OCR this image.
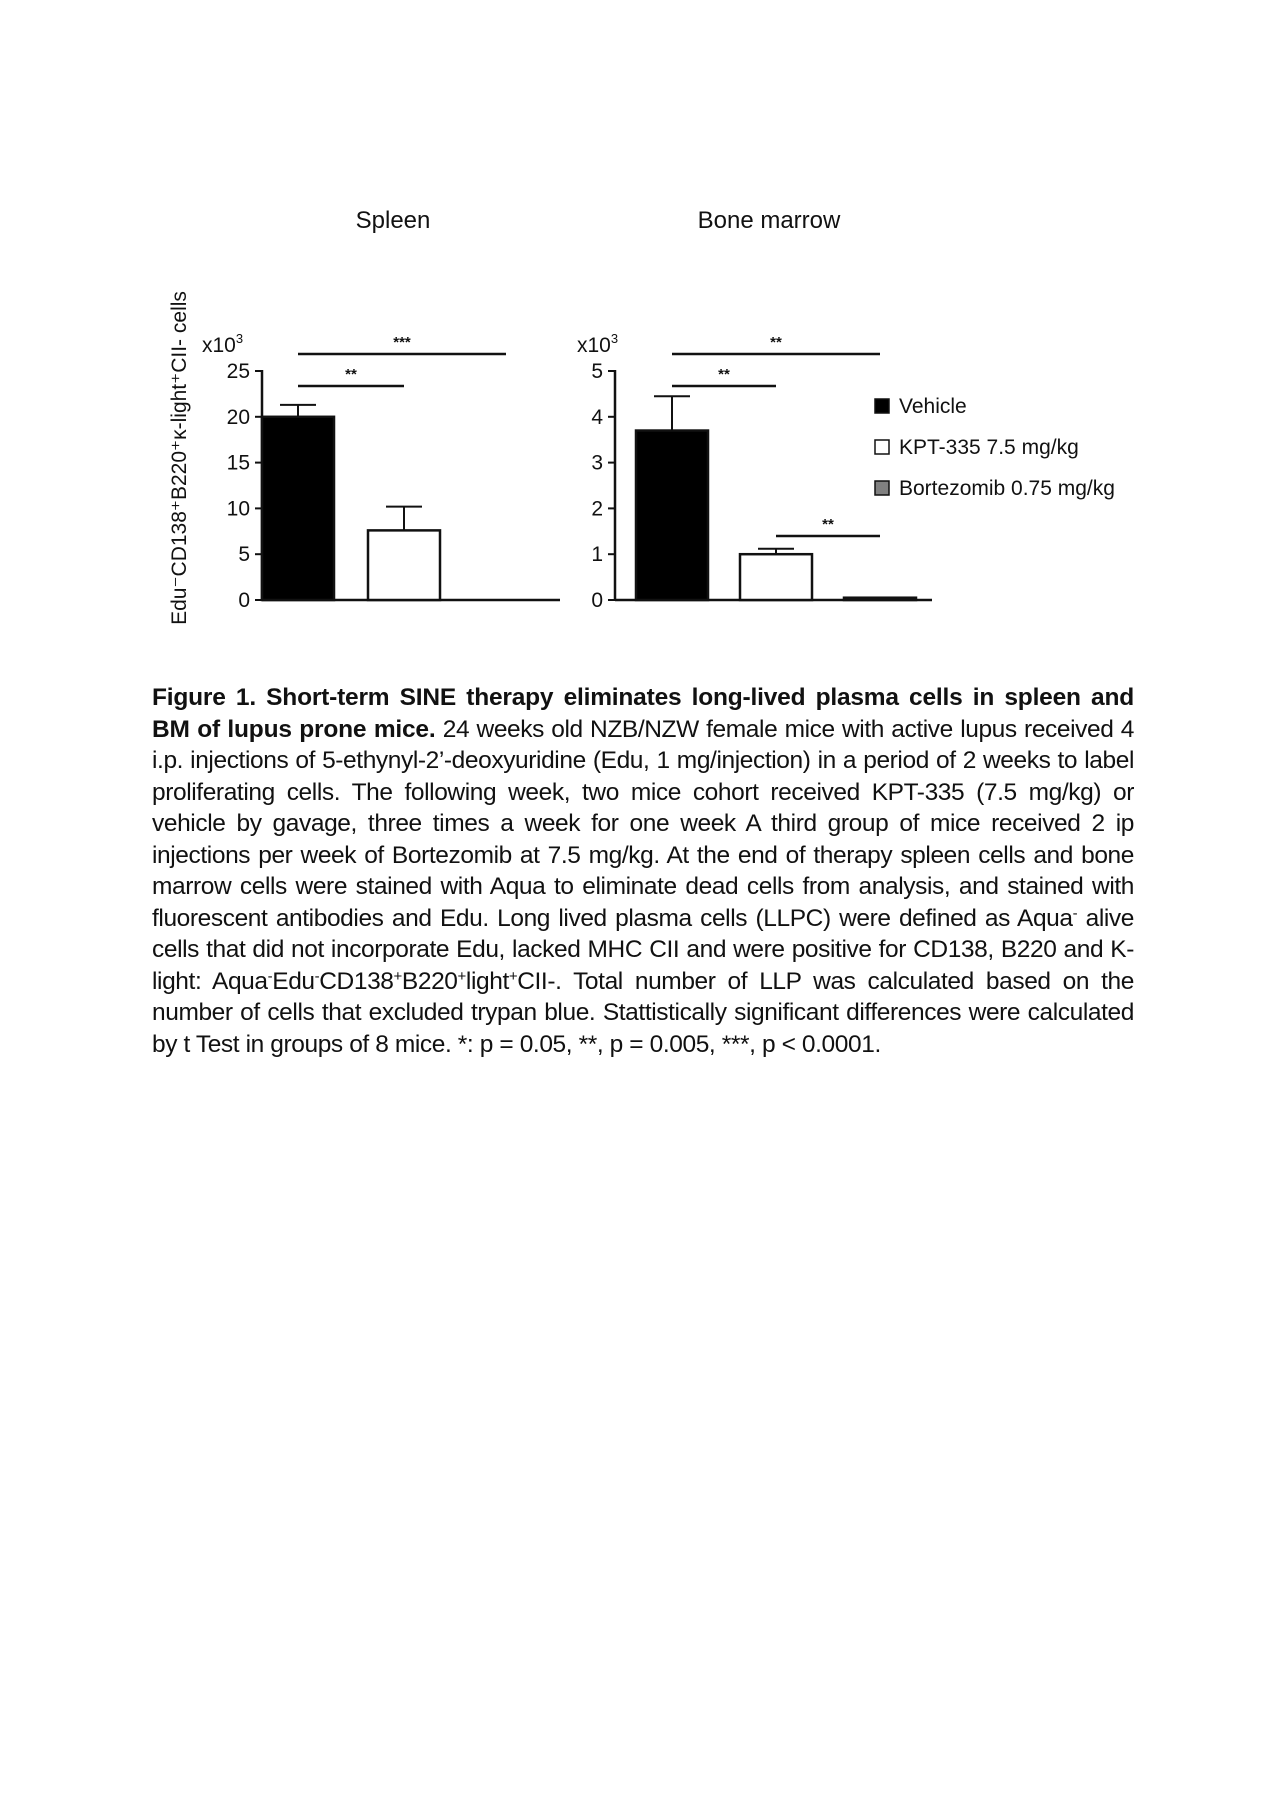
Edu⁻CD138⁺B220⁺κ-light⁺CII- cells
Spleen
$x10^3$
0
5
10
15
20
25	**
***
Bone marrow
$x10^3$
0
1
2
3
4
5	**
**
**
Vehicle
KPT-335 7.5 mg/kg
Bortezomib 0.75 mg/kg
Figure 1. Short-term SINE therapy eliminates long-lived plasma cells in spleen and BM of lupus prone mice. 24 weeks old NZB/NZW female mice with active lupus received 4 i.p. injections of 5-ethynyl-2’-deoxyuridine (Edu, 1 mg/injection) in a period of 2 weeks to label proliferating cells. The following week, two mice cohort received KPT-335 (7.5 mg/kg) or vehicle by gavage, three times a week for one week A third group of mice received 2 ip injections per week of Bortezomib at 7.5 mg/kg. At the end of therapy spleen cells and bone marrow cells were stained with Aqua to eliminate dead cells from analysis, and stained with fluorescent antibodies and Edu. Long lived plasma cells (LLPC) were defined as Aqua- alive cells that did not incorporate Edu, lacked MHC CII and were positive for CD138, B220 and K-light: Aqua-Edu-CD138+B220+light+CII-. Total number of LLP was calculated based on the number of cells that excluded trypan blue. Stattistically significant differences were calculated by t Test in groups of 8 mice. *: p = 0.05, **, p = 0.005, ***, p < 0.0001.
